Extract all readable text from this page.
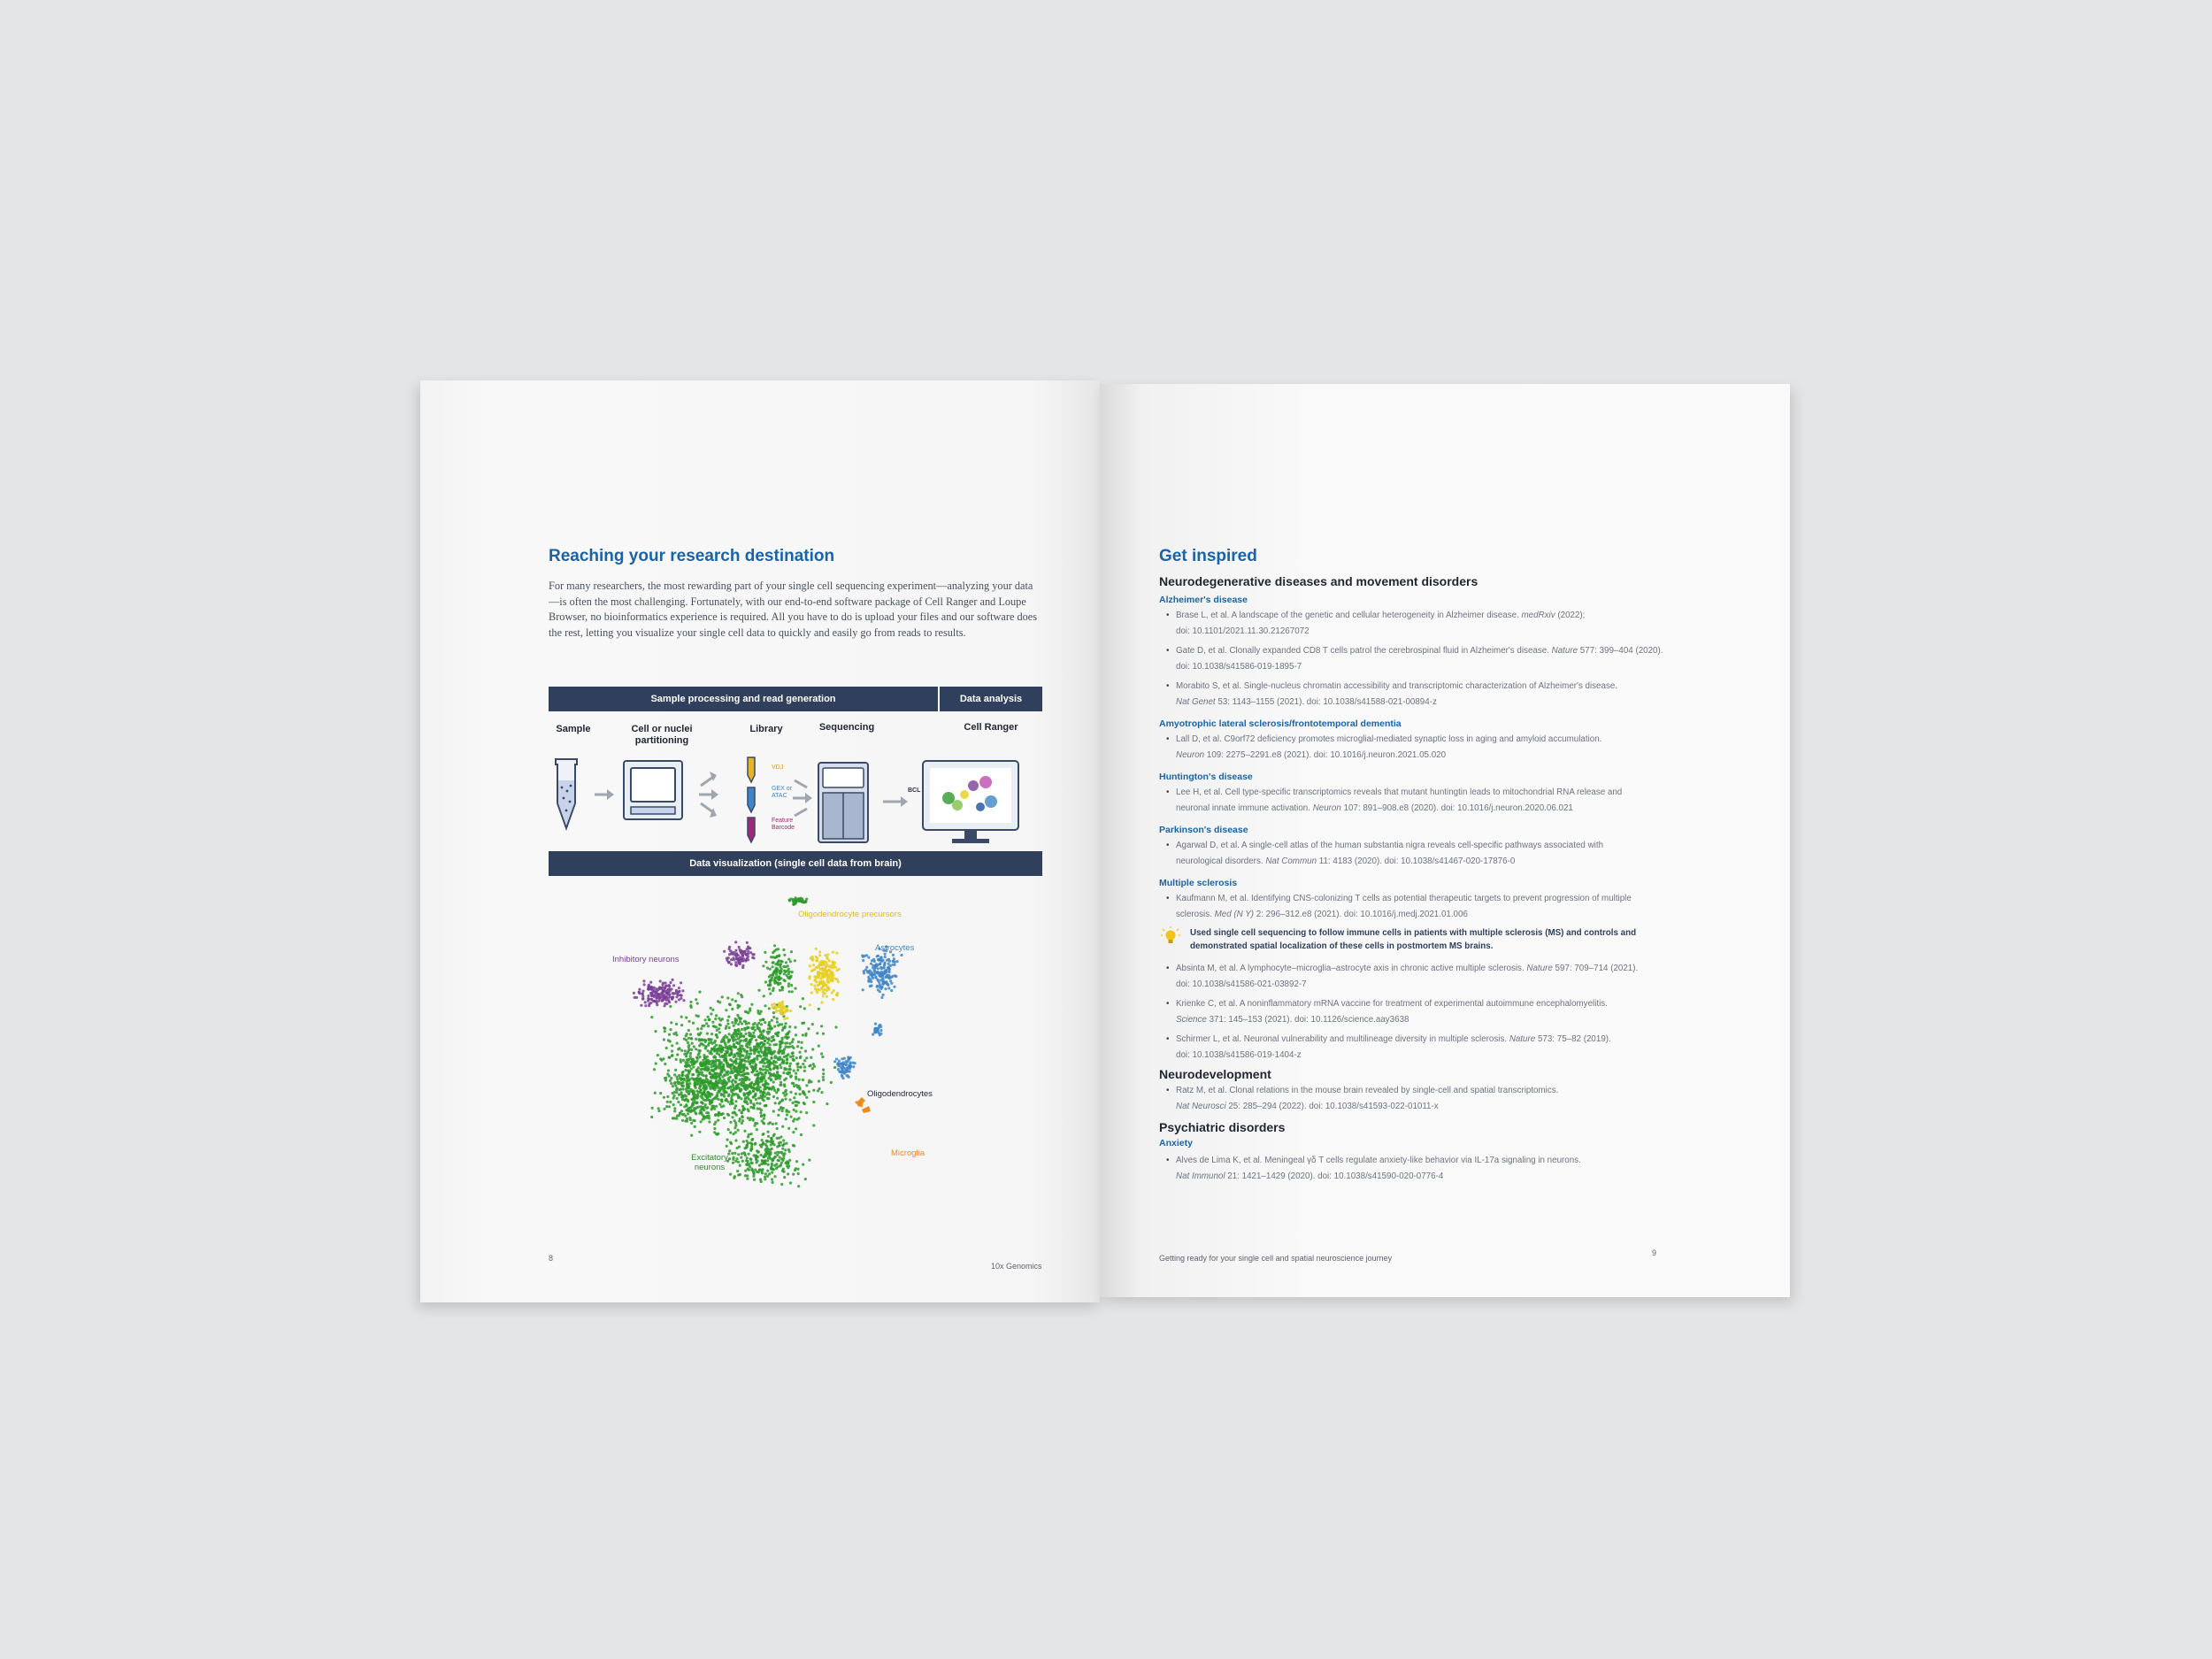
Reaching your research destination
For many researchers, the most rewarding part of your single cell sequencing experiment—analyzing your data—is often the most challenging. Fortunately, with our end-to-end software package of Cell Ranger and Loupe Browser, no bioinformatics experience is required. All you have to do is upload your files and our software does the rest, letting you visualize your single cell data to quickly and easily go from reads to results.
Sample processing and read generation	Data analysis
Sample	Cell or nuclei partitioning
Library	Sequencing	Cell Ranger
VDJ
GEX or ATAC
Feature Barcode
BCL
Data visualization (single cell data from brain)
Oligodendrocyte precursors
Astrocytes
Inhibitory neurons
Oligodendrocytes
Excitatory neurons
Microglia
8
10x Genomics
Get inspired
Neurodegenerative diseases and movement disorders
Alzheimer's disease
• Brase L, et al. A landscape of the genetic and cellular heterogeneity in Alzheimer disease. medRxiv (2022);
doi: 10.1101/2021.11.30.21267072
• Gate D, et al. Clonally expanded CD8 T cells patrol the cerebrospinal fluid in Alzheimer's disease. Nature 577: 399–404 (2020).
doi: 10.1038/s41586-019-1895-7
• Morabito S, et al. Single-nucleus chromatin accessibility and transcriptomic characterization of Alzheimer's disease.
Nat Genet 53: 1143–1155 (2021). doi: 10.1038/s41588-021-00894-z
Amyotrophic lateral sclerosis/frontotemporal dementia
• Lall D, et al. C9orf72 deficiency promotes microglial-mediated synaptic loss in aging and amyloid accumulation.
Neuron 109: 2275–2291.e8 (2021). doi: 10.1016/j.neuron.2021.05.020
Huntington's disease
• Lee H, et al. Cell type-specific transcriptomics reveals that mutant huntingtin leads to mitochondrial RNA release and
neuronal innate immune activation. Neuron 107: 891–908.e8 (2020). doi: 10.1016/j.neuron.2020.06.021
Parkinson's disease
• Agarwal D, et al. A single-cell atlas of the human substantia nigra reveals cell-specific pathways associated with
neurological disorders. Nat Commun 11: 4183 (2020). doi: 10.1038/s41467-020-17876-0
Multiple sclerosis
• Kaufmann M, et al. Identifying CNS-colonizing T cells as potential therapeutic targets to prevent progression of multiple
sclerosis. Med (N Y) 2: 296–312.e8 (2021). doi: 10.1016/j.medj.2021.01.006
Used single cell sequencing to follow immune cells in patients with multiple sclerosis (MS) and controls and demonstrated spatial localization of these cells in postmortem MS brains.
• Absinta M, et al. A lymphocyte–microglia–astrocyte axis in chronic active multiple sclerosis. Nature 597: 709–714 (2021).
doi: 10.1038/s41586-021-03892-7
• Krienke C, et al. A noninflammatory mRNA vaccine for treatment of experimental autoimmune encephalomyelitis.
Science 371: 145–153 (2021). doi: 10.1126/science.aay3638
• Schirmer L, et al. Neuronal vulnerability and multilineage diversity in multiple sclerosis. Nature 573: 75–82 (2019).
doi: 10.1038/s41586-019-1404-z
Neurodevelopment
• Ratz M, et al. Clonal relations in the mouse brain revealed by single-cell and spatial transcriptomics.
Nat Neurosci 25: 285–294 (2022). doi: 10.1038/s41593-022-01011-x
Psychiatric disorders
Anxiety
• Alves de Lima K, et al. Meningeal γδ T cells regulate anxiety-like behavior via IL-17a signaling in neurons.
Nat Immunol 21: 1421–1429 (2020). doi: 10.1038/s41590-020-0776-4
Getting ready for your single cell and spatial neuroscience journey
9
